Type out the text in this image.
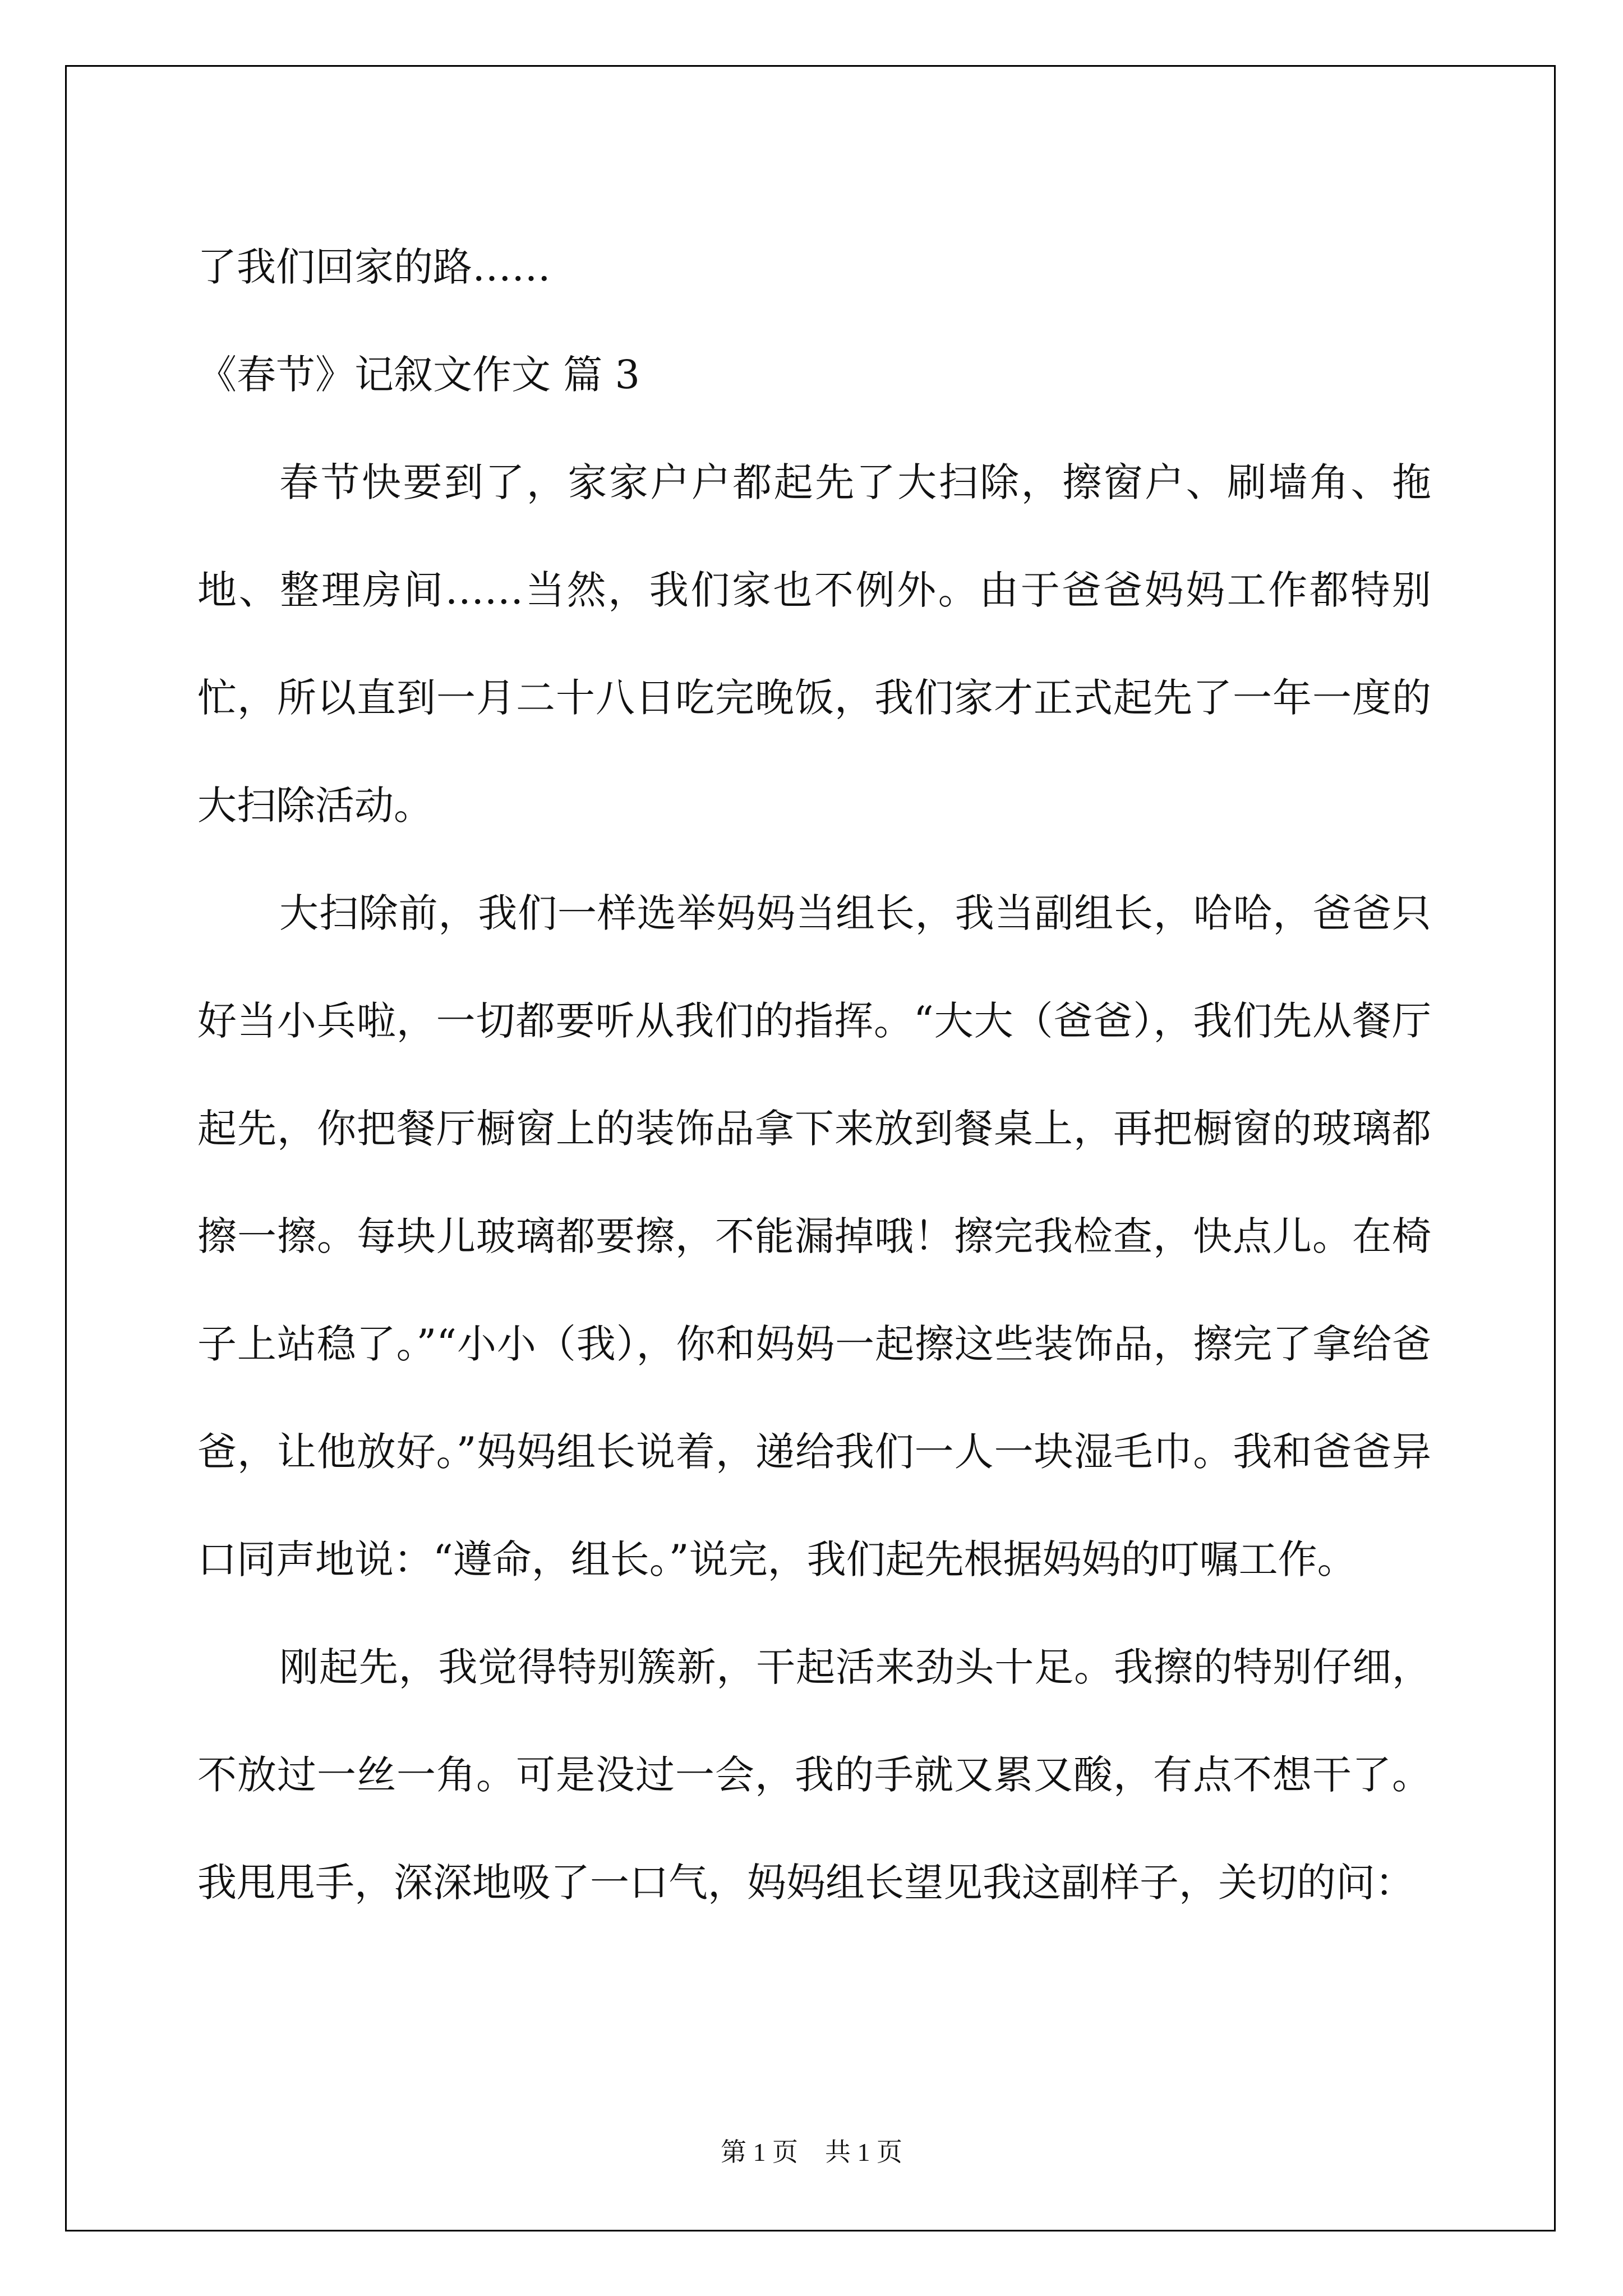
了我们回家的路……
《春节》记叙文作文 篇 3

春节快要到了，家家户户都起先了大扫除，擦窗户、刷墙角、拖地、整理房间……当然，我们家也不例外。由于爸爸妈妈工作都特别忙，所以直到一月二十八日吃完晚饭，我们家才正式起先了一年一度的大扫除活动。

大扫除前，我们一样选举妈妈当组长，我当副组长，哈哈，爸爸只好当小兵啦，一切都要听从我们的指挥。“大大（爸爸），我们先从餐厅起先，你把餐厅橱窗上的装饰品拿下来放到餐桌上，再把橱窗的玻璃都擦一擦。每块儿玻璃都要擦，不能漏掉哦！擦完我检查，快点儿。在椅子上站稳了。”“小小（我），你和妈妈一起擦这些装饰品，擦完了拿给爸爸，让他放好。”妈妈组长说着，递给我们一人一块湿毛巾。我和爸爸异口同声地说：“遵命，组长。”说完，我们起先根据妈妈的叮嘱工作。

刚起先，我觉得特别簇新，干起活来劲头十足。我擦的特别仔细，不放过一丝一角。可是没过一会，我的手就又累又酸，有点不想干了。我甩甩手，深深地吸了一口气，妈妈组长望见我这副样子，关切的问：

第 1 页 共 1 页
